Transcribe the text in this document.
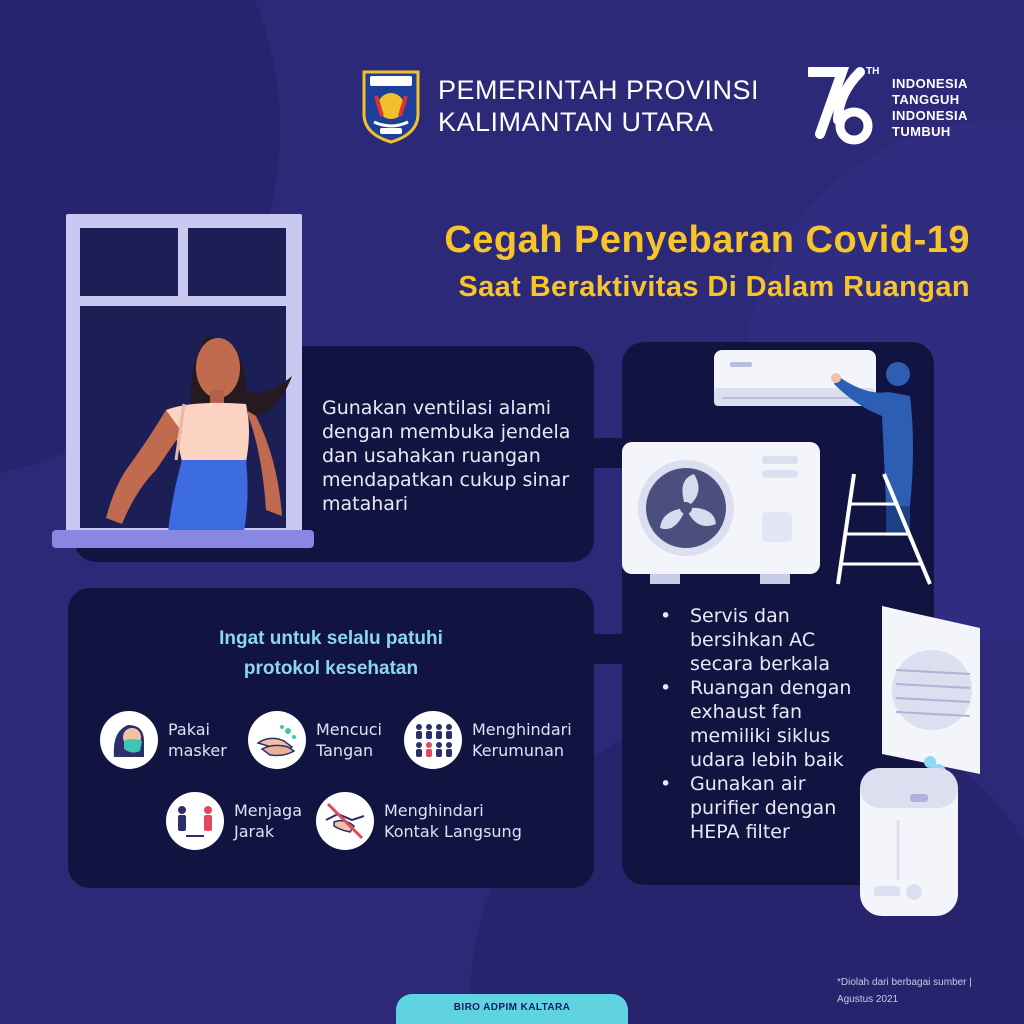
PEMERINTAH PROVINSI
KALIMANTAN UTARA
TH
INDONESIA
TANGGUH
INDONESIA
TUMBUH
Cegah Penyebaran Covid-19
Saat Beraktivitas Di Dalam Ruangan
Gunakan ventilasi alami dengan membuka jendela dan usahakan ruangan mendapatkan cukup sinar matahari
Ingat untuk selalu patuhi
protokol kesehatan
Pakai
masker
Mencuci
Tangan
Menghindari
Kerumunan
Menjaga
Jarak
Menghindari
Kontak Langsung
• Servis dan bersihkan AC secara berkala
• Ruangan dengan exhaust fan memiliki siklus udara lebih baik
• Gunakan air purifier dengan HEPA filter
*Diolah dari berbagai sumber | Agustus 2021
BIRO ADPIM KALTARA
